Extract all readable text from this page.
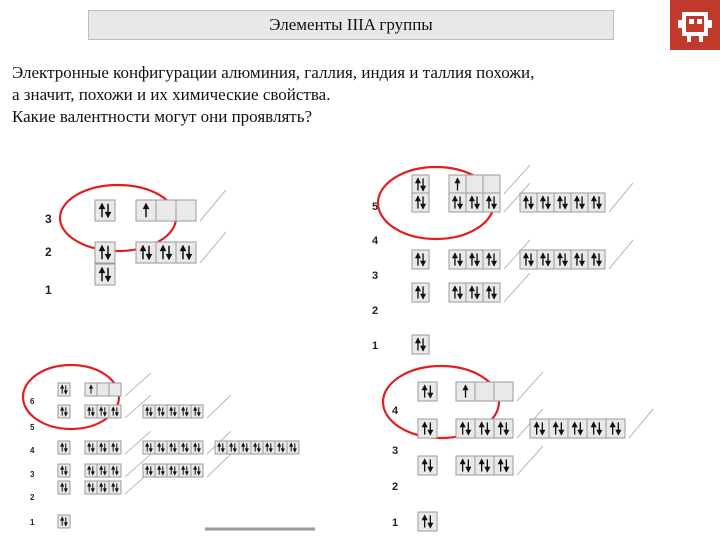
Элементы IIIA группы
Электронные конфигурации алюминия, галлия, индия и таллия похожи,
а значит, похожи и их химические свойства.
Какие валентности могут они проявлять?
3
2
1
5
4
3
2
1
6
5
4
3
2
1
4
3
2
1
